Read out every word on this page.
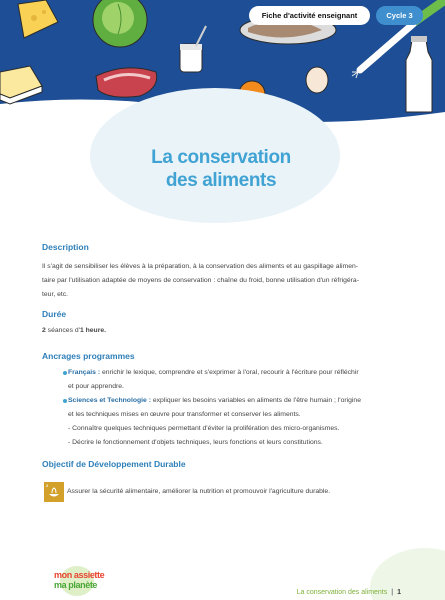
Fiche d'activité enseignant	Cycle 3
La conservation
des aliments
Description
Il s'agit de sensibiliser les élèves à la préparation, à la conservation des aliments et au gaspillage alimen-
taire par l'utilisation adaptée de moyens de conservation : chaîne du froid, bonne utilisation d'un réfrigéra-
teur, etc.
Durée
2 séances d'1 heure.
Ancrages programmes
Français : enrichir le lexique, comprendre et s'exprimer à l'oral, recourir à l'écriture pour réfléchir
et pour apprendre.
Sciences et Technologie : expliquer les besoins variables en aliments de l'être humain ; l'origine
et les techniques mises en œuvre pour transformer et conserver les aliments.
- Connaître quelques techniques permettant d'éviter la prolifération des micro-organismes.
- Décrire le fonctionnement d'objets techniques, leurs fonctions et leurs constitutions.
Objectif de Développement Durable
2
Assurer la sécurité alimentaire, améliorer la nutrition et promouvoir l'agriculture durable.
mon assiette
ma planète
La conservation des aliments | 1
